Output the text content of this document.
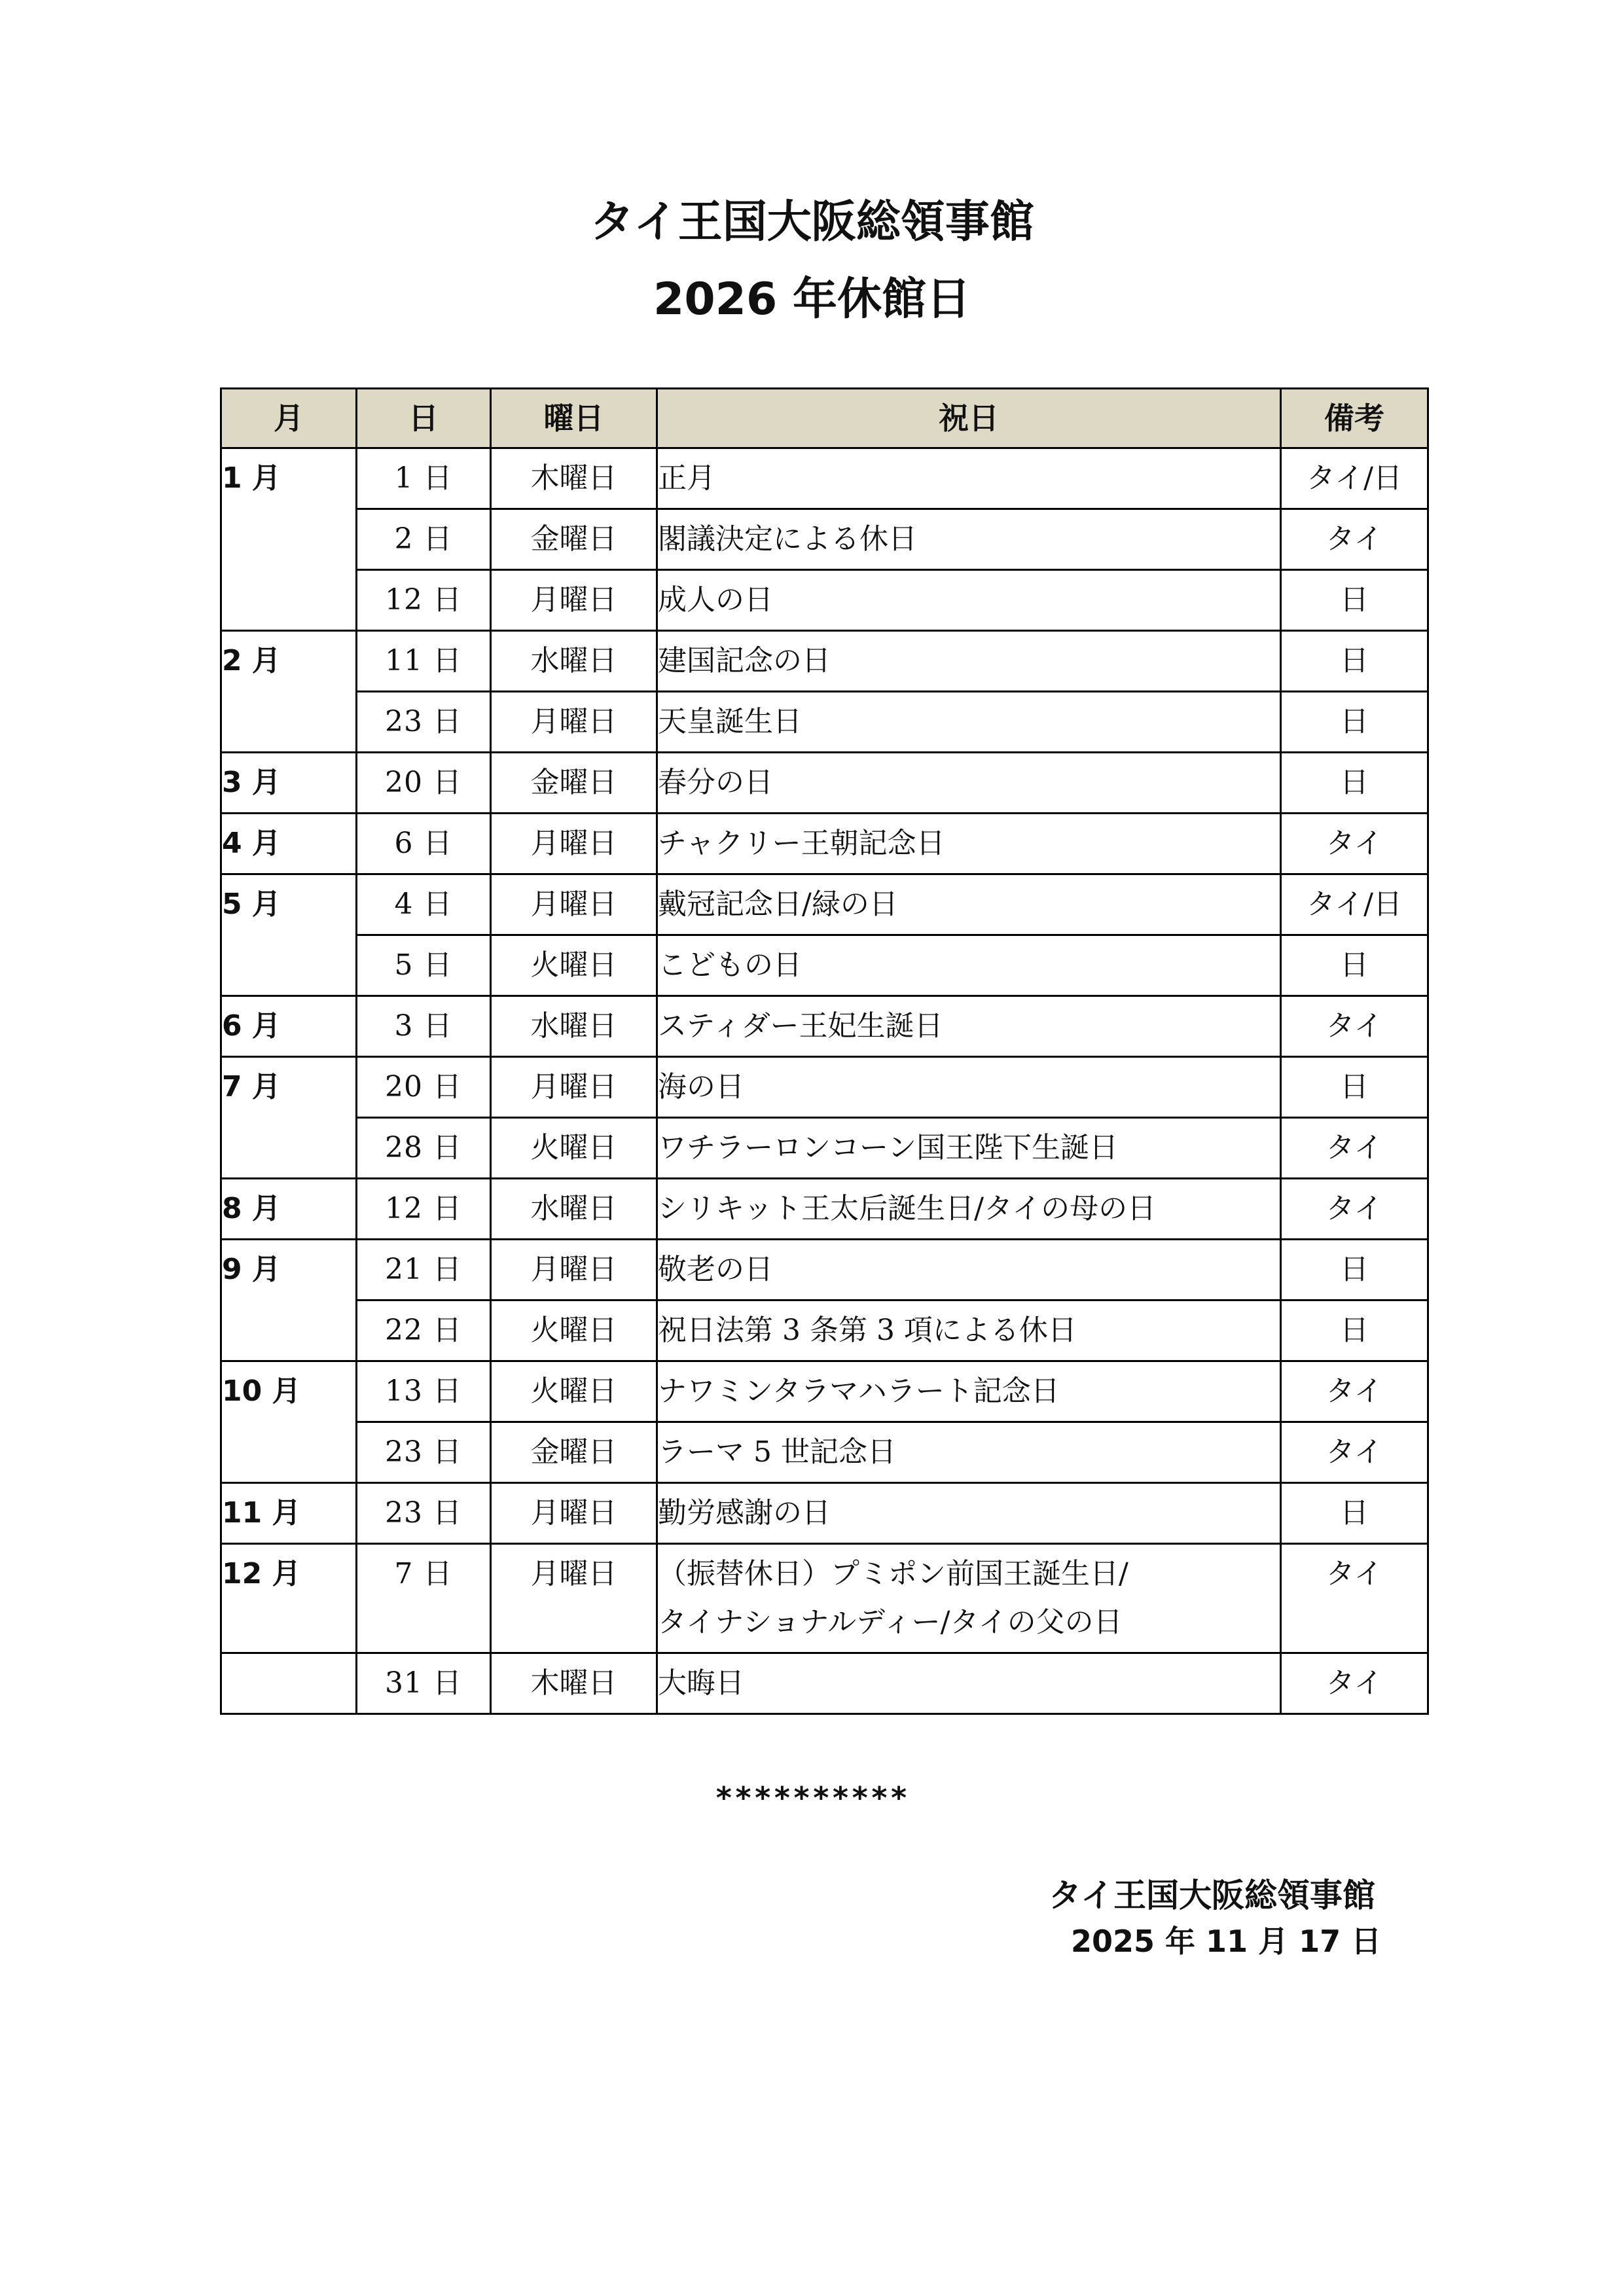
タイ王国大阪総領事館
2026 年休館日
月	日	曜日	祝日	備考
1 月	1 日	木曜日	正月	タイ/日
	2 日	金曜日	閣議決定による休日	タイ
	12 日	月曜日	成人の日	日
2 月	11 日	水曜日	建国記念の日	日
	23 日	月曜日	天皇誕生日	日
3 月	20 日	金曜日	春分の日	日
4 月	6 日	月曜日	チャクリー王朝記念日	タイ
5 月	4 日	月曜日	戴冠記念日/緑の日	タイ/日
	5 日	火曜日	こどもの日	日
6 月	3 日	水曜日	スティダー王妃生誕日	タイ
7 月	20 日	月曜日	海の日	日
	28 日	火曜日	ワチラーロンコーン国王陛下生誕日	タイ
8 月	12 日	水曜日	シリキット王太后誕生日/タイの母の日	タイ
9 月	21 日	月曜日	敬老の日	日
	22 日	火曜日	祝日法第 3 条第 3 項による休日	日
10 月	13 日	火曜日	ナワミンタラマハラート記念日	タイ
	23 日	金曜日	ラーマ 5 世記念日	タイ
11 月	23 日	月曜日	勤労感謝の日	日
12 月	7 日	月曜日	（振替休日）プミポン前国王誕生日/
タイナショナルディー/タイの父の日	タイ
	31 日	木曜日	大晦日	タイ
**********
タイ王国大阪総領事館
2025 年 11 月 17 日
